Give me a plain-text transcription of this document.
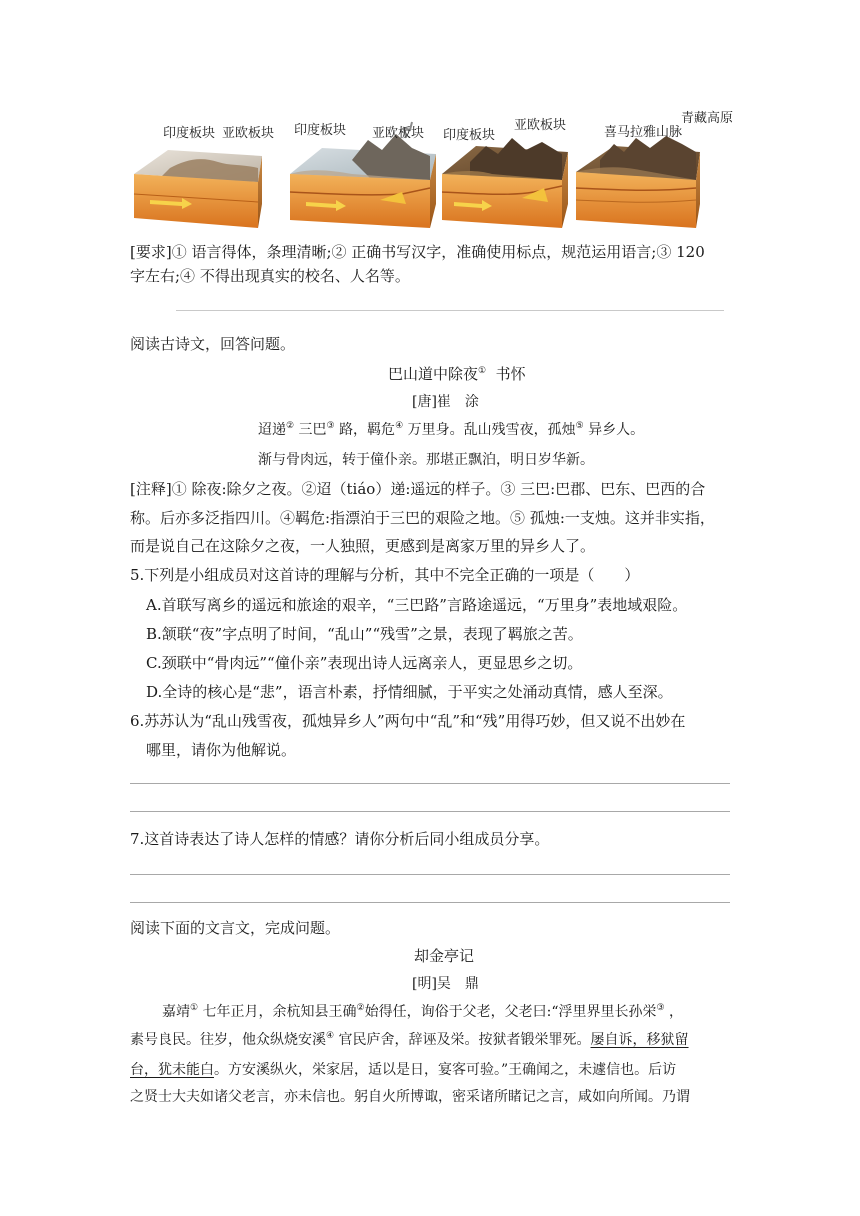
印度板块 亚欧板块 印度板块 亚欧板块 印度板块
亚欧板块	喜马拉雅山脉
青藏高原
[要求]① 语言得体，条理清晰;② 正确书写汉字，准确使用标点，规范运用语言;③ 120
字左右;④ 不得出现真实的校名、人名等。
阅读古诗文，回答问题。
巴山道中除夜① 书怀
[唐]崔　涂
迢递② 三巴③ 路，羁危④ 万里身。乱山残雪夜，孤烛⑤ 异乡人。
渐与骨肉远，转于僮仆亲。那堪正飘泊，明日岁华新。
[注释]① 除夜:除夕之夜。②迢（tiáo）递:遥远的样子。③ 三巴:巴郡、巴东、巴西的合
称。后亦多泛指四川。④羁危:指漂泊于三巴的艰险之地。⑤ 孤烛:一支烛。这并非实指，
而是说自己在这除夕之夜，一人独照，更感到是离家万里的异乡人了。
5.下列是小组成员对这首诗的理解与分析，其中不完全正确的一项是（　　）
A.首联写离乡的遥远和旅途的艰辛，“三巴路”言路途遥远，“万里身”表地域艰险。
B.颔联“夜”字点明了时间，“乱山”“残雪”之景，表现了羁旅之苦。
C.颈联中“骨肉远”“僮仆亲”表现出诗人远离亲人，更显思乡之切。
D.全诗的核心是“悲”，语言朴素，抒情细腻，于平实之处涌动真情，感人至深。
6.苏苏认为“乱山残雪夜，孤烛异乡人”两句中“乱”和“残”用得巧妙，但又说不出妙在
哪里，请你为他解说。
7.这首诗表达了诗人怎样的情感？请你分析后同小组成员分享。
阅读下面的文言文，完成问题。
却金亭记
[明]吴　鼎
嘉靖① 七年正月，余杭知县王确②始得任，询俗于父老，父老曰:“浮里界里长孙栄③ ，
素号良民。往岁，他众纵烧安溪④ 官民庐舍，辞诬及栄。按狱者锻栄罪死。屡自诉，移狱留
台，犹未能白。方安溪纵火，栄家居，适以是日，宴客可验。”王确闻之，未遽信也。后访
之贤士大夫如诸父老言，亦未信也。躬自火所博诹，密采诸所睹记之言，咸如向所闻。乃谓
